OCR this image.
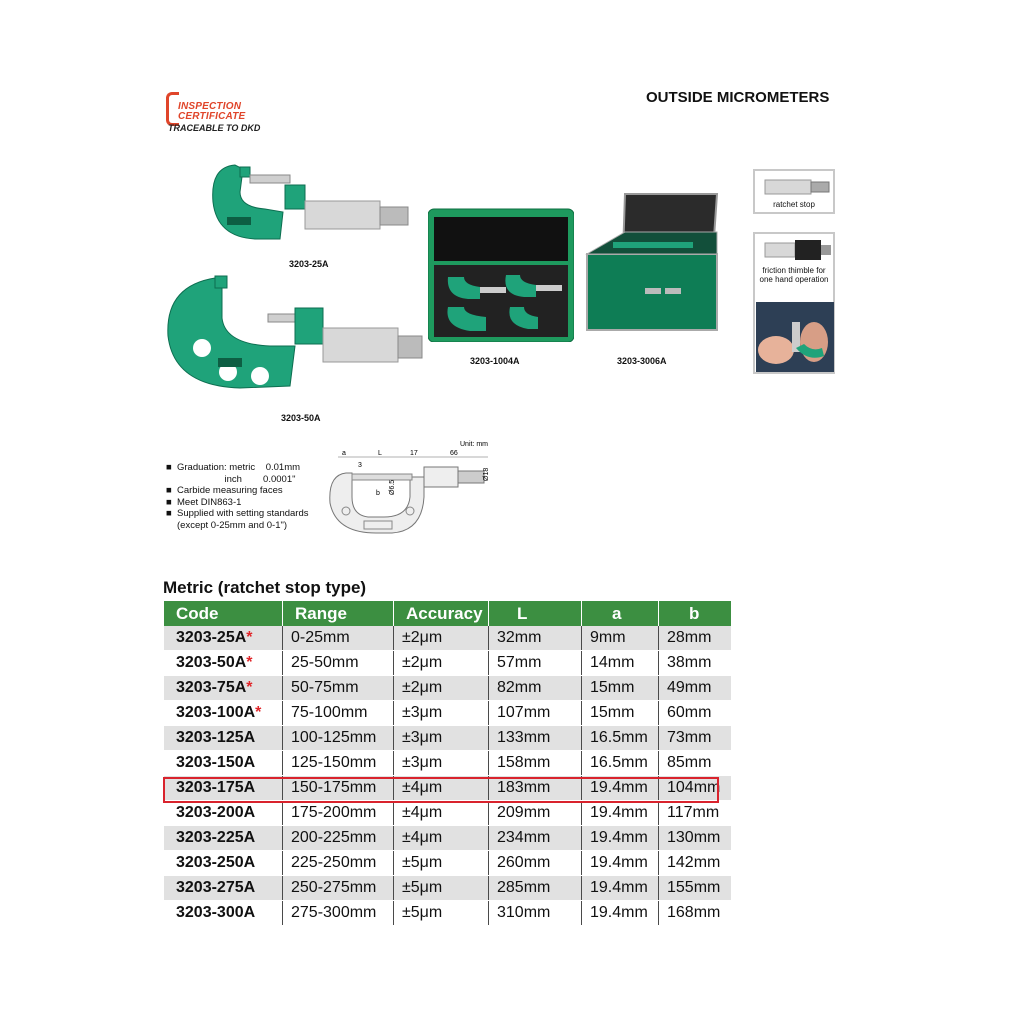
INSPECTION
CERTIFICATE
TRACEABLE TO DKD
OUTSIDE MICROMETERS
3203-25A
3203-50A
3203-1004A	3203-3006A
ratchet stop
friction thimble for one hand operation
Unit: mm
a	L	17	66
3
Ø18
Ø6.5
b
■ Graduation: metric    0.01mm
inch        0.0001"
■ Carbide measuring faces
■ Meet DIN863-1
■ Supplied with setting standards
(except 0-25mm and 0-1")
Metric (ratchet stop type)
Code	Range	Accuracy	L	a	b
3203-25A*	0-25mm	±2μm	32mm	9mm	28mm
3203-50A*	25-50mm	±2μm	57mm	14mm	38mm
3203-75A*	50-75mm	±2μm	82mm	15mm	49mm
3203-100A*	75-100mm	±3μm	107mm	15mm	60mm
3203-125A	100-125mm	±3μm	133mm	16.5mm	73mm
3203-150A	125-150mm	±3μm	158mm	16.5mm	85mm
3203-175A	150-175mm	±4μm	183mm	19.4mm	104mm
3203-200A	175-200mm	±4μm	209mm	19.4mm	117mm
3203-225A	200-225mm	±4μm	234mm	19.4mm	130mm
3203-250A	225-250mm	±5μm	260mm	19.4mm	142mm
3203-275A	250-275mm	±5μm	285mm	19.4mm	155mm
3203-300A	275-300mm	±5μm	310mm	19.4mm	168mm
